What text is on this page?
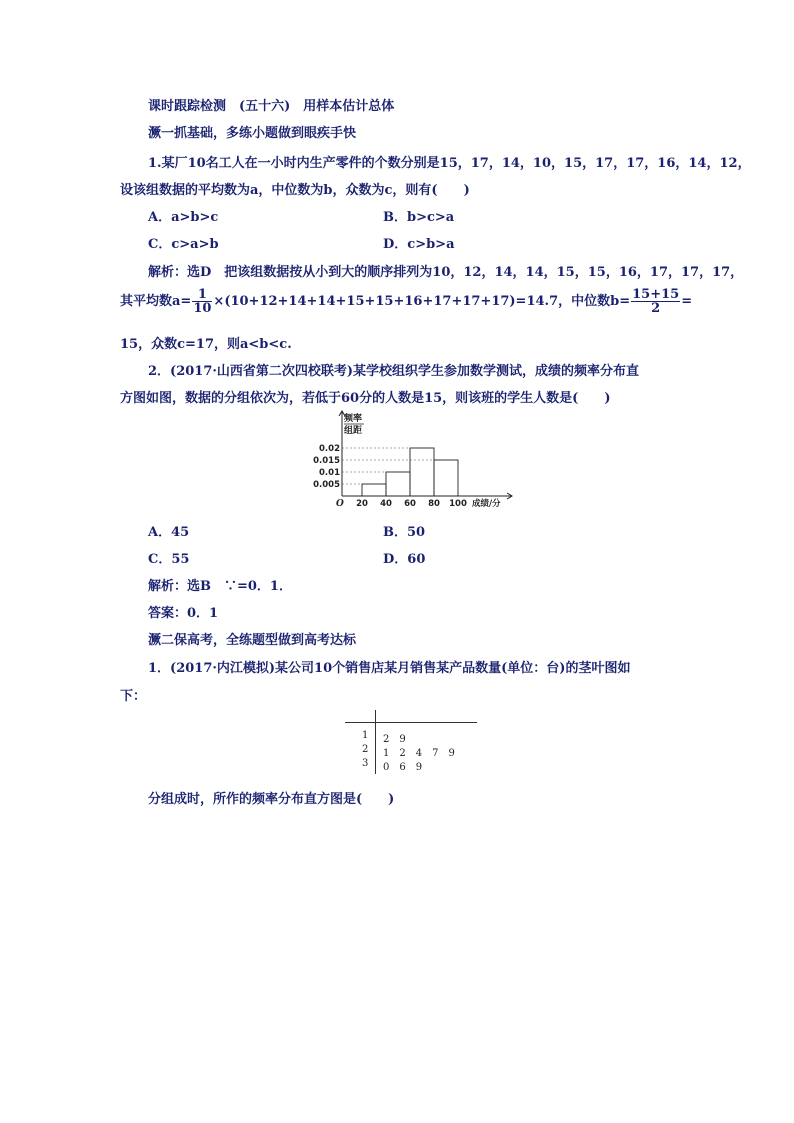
课时跟踪检测　(五十六)　用样本估计总体
㵐一抓基础，多练小题做到眼疾手快
1.某厂10名工人在一小时内生产零件的个数分别是15，17，14，10，15，17，17，16，14，12，
设该组数据的平均数为a，中位数为b，众数为c，则有(　　)
A．a>b>c	B．b>c>a
C．c>a>b	D．c>b>a
解析：选D　把该组数据按从小到大的顺序排列为10，12，14，14，15，15，16，17，17，17，
其平均数$a= \frac{1}{10} \times(10+12+14+14+15+15+16+17+17+17)=14.7$，中位数$b= \frac{15+15}{2}$ =
15，众数c=17，则a<b<c.
2．(2017·山西省第二次四校联考)某学校组织学生参加数学测试，成绩的频率分布直
方图如图，数据的分组依次为，若低于60分的人数是15，则该班的学生人数是(　　)
频率
组距
0.02
0.015
0.01
0.005
20 40 60 80 100
O	成绩/分
A．45	B．50
C．55	D．60
解析：选B　∵=0．1．
答案：0．1
㵐二保高考，全练题型做到高考达标
1．(2017·内江模拟)某公司10个销售店某月销售某产品数量(单位：台)的茎叶图如
下：
1 2　9
2 1　2　4　7　9
3 0　6　9
分组成时，所作的频率分布直方图是(　　)
